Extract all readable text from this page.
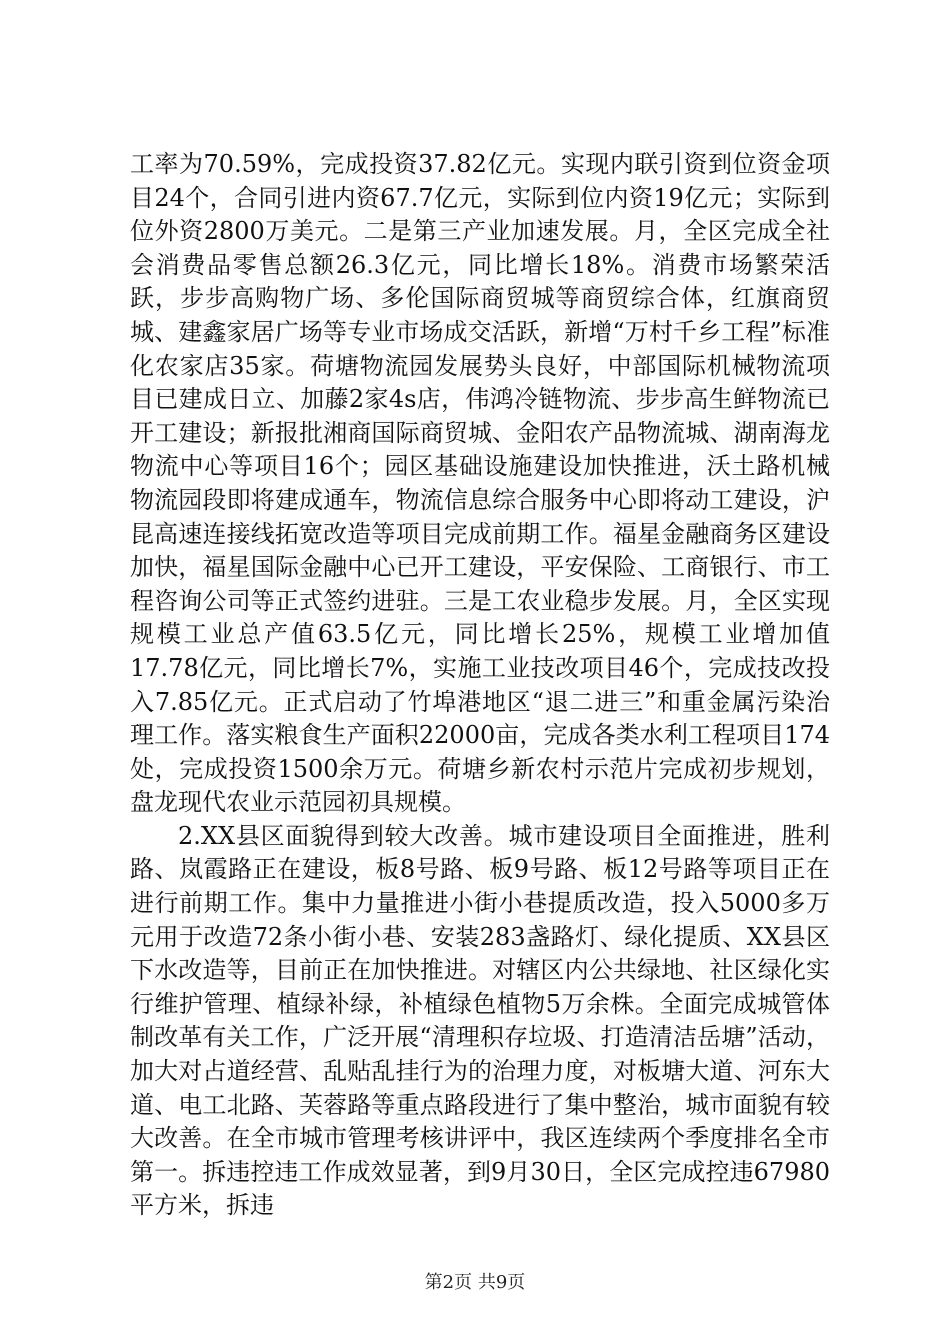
工率为70.59%，完成投资37.82亿元。实现内联引资到位资金项目24个，合同引进内资67.7亿元，实际到位内资19亿元；实际到位外资2800万美元。二是第三产业加速发展。月，全区完成全社会消费品零售总额26.3亿元，同比增长18%。消费市场繁荣活跃，步步高购物广场、多伦国际商贸城等商贸综合体，红旗商贸城、建鑫家居广场等专业市场成交活跃，新增“万村千乡工程”标准化农家店35家。荷塘物流园发展势头良好，中部国际机械物流项目已建成日立、加藤2家4s店，伟鸿冷链物流、步步高生鲜物流已开工建设；新报批湘商国际商贸城、金阳农产品物流城、湖南海龙物流中心等项目16个；园区基础设施建设加快推进，沃土路机械物流园段即将建成通车，物流信息综合服务中心即将动工建设，沪昆高速连接线拓宽改造等项目完成前期工作。福星金融商务区建设加快，福星国际金融中心已开工建设，平安保险、工商银行、市工程咨询公司等正式签约进驻。三是工农业稳步发展。月，全区实现规模工业总产值63.5亿元，同比增长25%，规模工业增加值17.78亿元，同比增长7%，实施工业技改项目46个，完成技改投入7.85亿元。正式启动了竹埠港地区“退二进三”和重金属污染治理工作。落实粮食生产面积22000亩，完成各类水利工程项目174处，完成投资1500余万元。荷塘乡新农村示范片完成初步规划，盘龙现代农业示范园初具规模。

2.XX县区面貌得到较大改善。城市建设项目全面推进，胜利路、岚霞路正在建设，板8号路、板9号路、板12号路等项目正在进行前期工作。集中力量推进小街小巷提质改造，投入5000多万元用于改造72条小街小巷、安装283盏路灯、绿化提质、XX县区下水改造等，目前正在加快推进。对辖区内公共绿地、社区绿化实行维护管理、植绿补绿，补植绿色植物5万余株。全面完成城管体制改革有关工作，广泛开展“清理积存垃圾、打造清洁岳塘”活动，加大对占道经营、乱贴乱挂行为的治理力度，对板塘大道、河东大道、电工北路、芙蓉路等重点路段进行了集中整治，城市面貌有较大改善。在全市城市管理考核讲评中，我区连续两个季度排名全市第一。拆违控违工作成效显著，到9月30日，全区完成控违67980平方米，拆违

第2页 共9页
